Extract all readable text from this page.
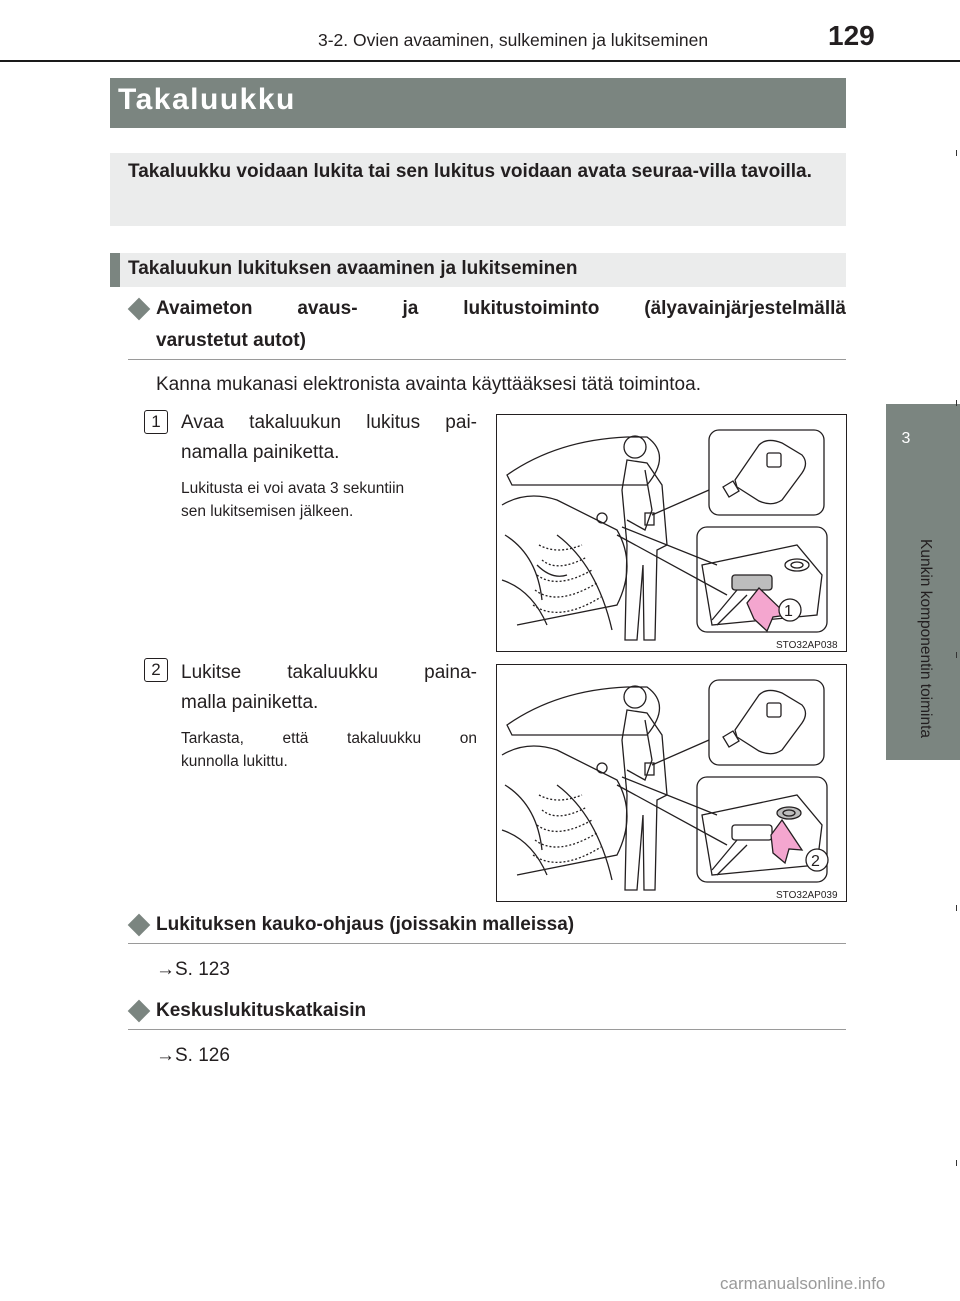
3-2. Ovien avaaminen, sulkeminen ja lukitseminen	129
3
Kunkin komponentin toiminta
Takaluukku
Takaluukku voidaan lukita tai sen lukitus voidaan avata seuraa-villa tavoilla.
Takaluukun lukituksen avaaminen ja lukitseminen
Avaimeton avaus- ja lukitustoiminto (älyavainjärjestelmällä
varustetut autot)
Kanna mukanasi elektronista avainta käyttääksesi tätä toimintoa.
1	Avaa takaluukun lukitus pai-
namalla painiketta.
Lukitusta ei voi avata 3 sekuntiin
sen lukitsemisen jälkeen.
1
STO32AP038
2	Lukitse takaluukku paina-
malla painiketta.
Tarkasta, että takaluukku on
kunnolla lukittu.
2
STO32AP039
Lukituksen kauko-ohjaus (joissakin malleissa)
→S. 123
Keskuslukituskatkaisin
→S. 126
carmanualsonline.info
